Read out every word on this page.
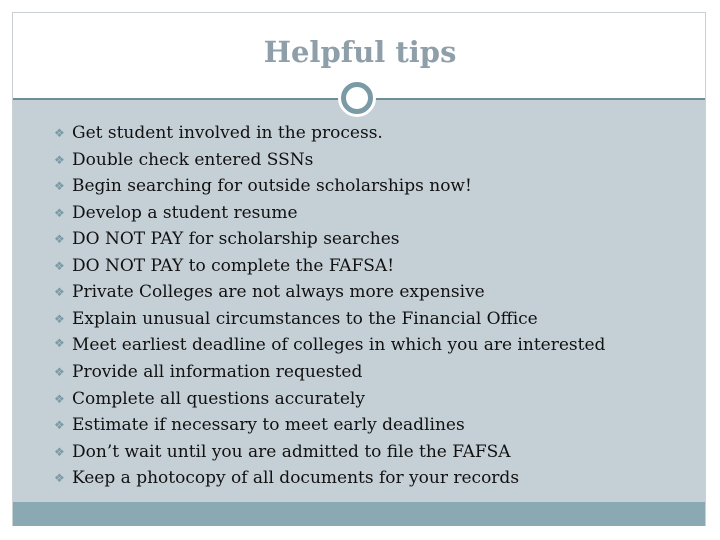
Helpful tips
❖ Get student involved in the process.
❖ Double check entered SSNs
❖ Begin searching for outside scholarships now!
❖ Develop a student resume
❖ DO NOT PAY for scholarship searches
❖ DO NOT PAY to complete the FAFSA!
❖ Private Colleges are not always more expensive
❖ Explain unusual circumstances to the Financial Office
❖ Meet earliest deadline of colleges in which you are interested
❖ Provide all information requested
❖ Complete all questions accurately
❖ Estimate if necessary to meet early deadlines
❖ Don’t wait until you are admitted to file the FAFSA
❖ Keep a photocopy of all documents for your records
